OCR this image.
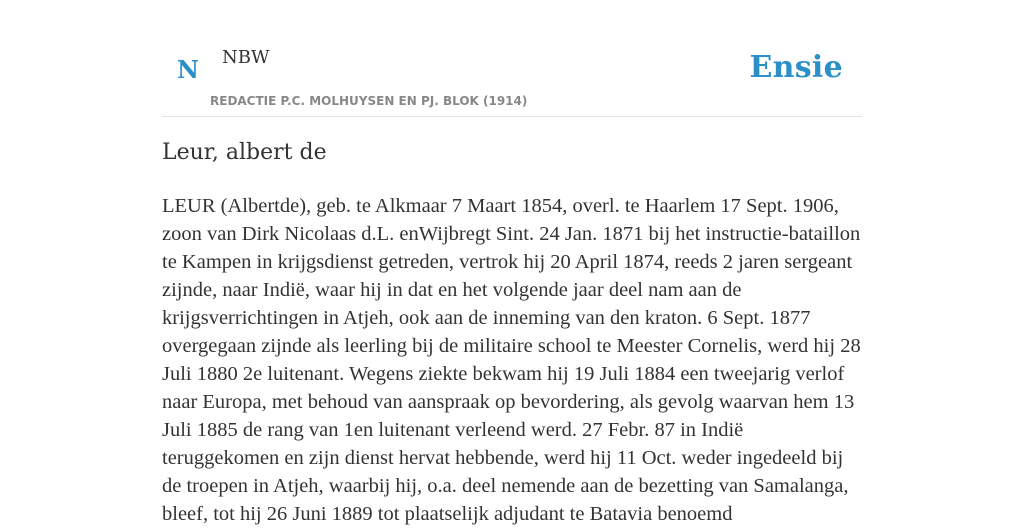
N NBW
REDACTIE P.C. MOLHUYSEN EN PJ. BLOK (1914)
Ensie
Leur, albert de

LEUR (Albertde), geb. te Alkmaar 7 Maart 1854, overl. te Haarlem 17 Sept. 1906, zoon van Dirk Nicolaas d.L. enWijbregt Sint. 24 Jan. 1871 bij het instructie-bataillon te Kampen in krijgsdienst getreden, vertrok hij 20 April 1874, reeds 2 jaren sergeant zijnde, naar Indië, waar hij in dat en het volgende jaar deel nam aan de krijgsverrichtingen in Atjeh, ook aan de inneming van den kraton. 6 Sept. 1877 overgegaan zijnde als leerling bij de militaire school te Meester Cornelis, werd hij 28 Juli 1880 2e luitenant. Wegens ziekte bekwam hij 19 Juli 1884 een tweejarig verlof naar Europa, met behoud van aanspraak op bevordering, als gevolg waarvan hem 13 Juli 1885 de rang van 1en luitenant verleend werd. 27 Febr. 87 in Indië teruggekomen en zijn dienst hervat hebbende, werd hij 11 Oct. weder ingedeeld bij de troepen in Atjeh, waarbij hij, o.a. deel nemende aan de bezetting van Samalanga, bleef, tot hij 26 Juni 1889 tot plaatselijk adjudant te Batavia benoemd
